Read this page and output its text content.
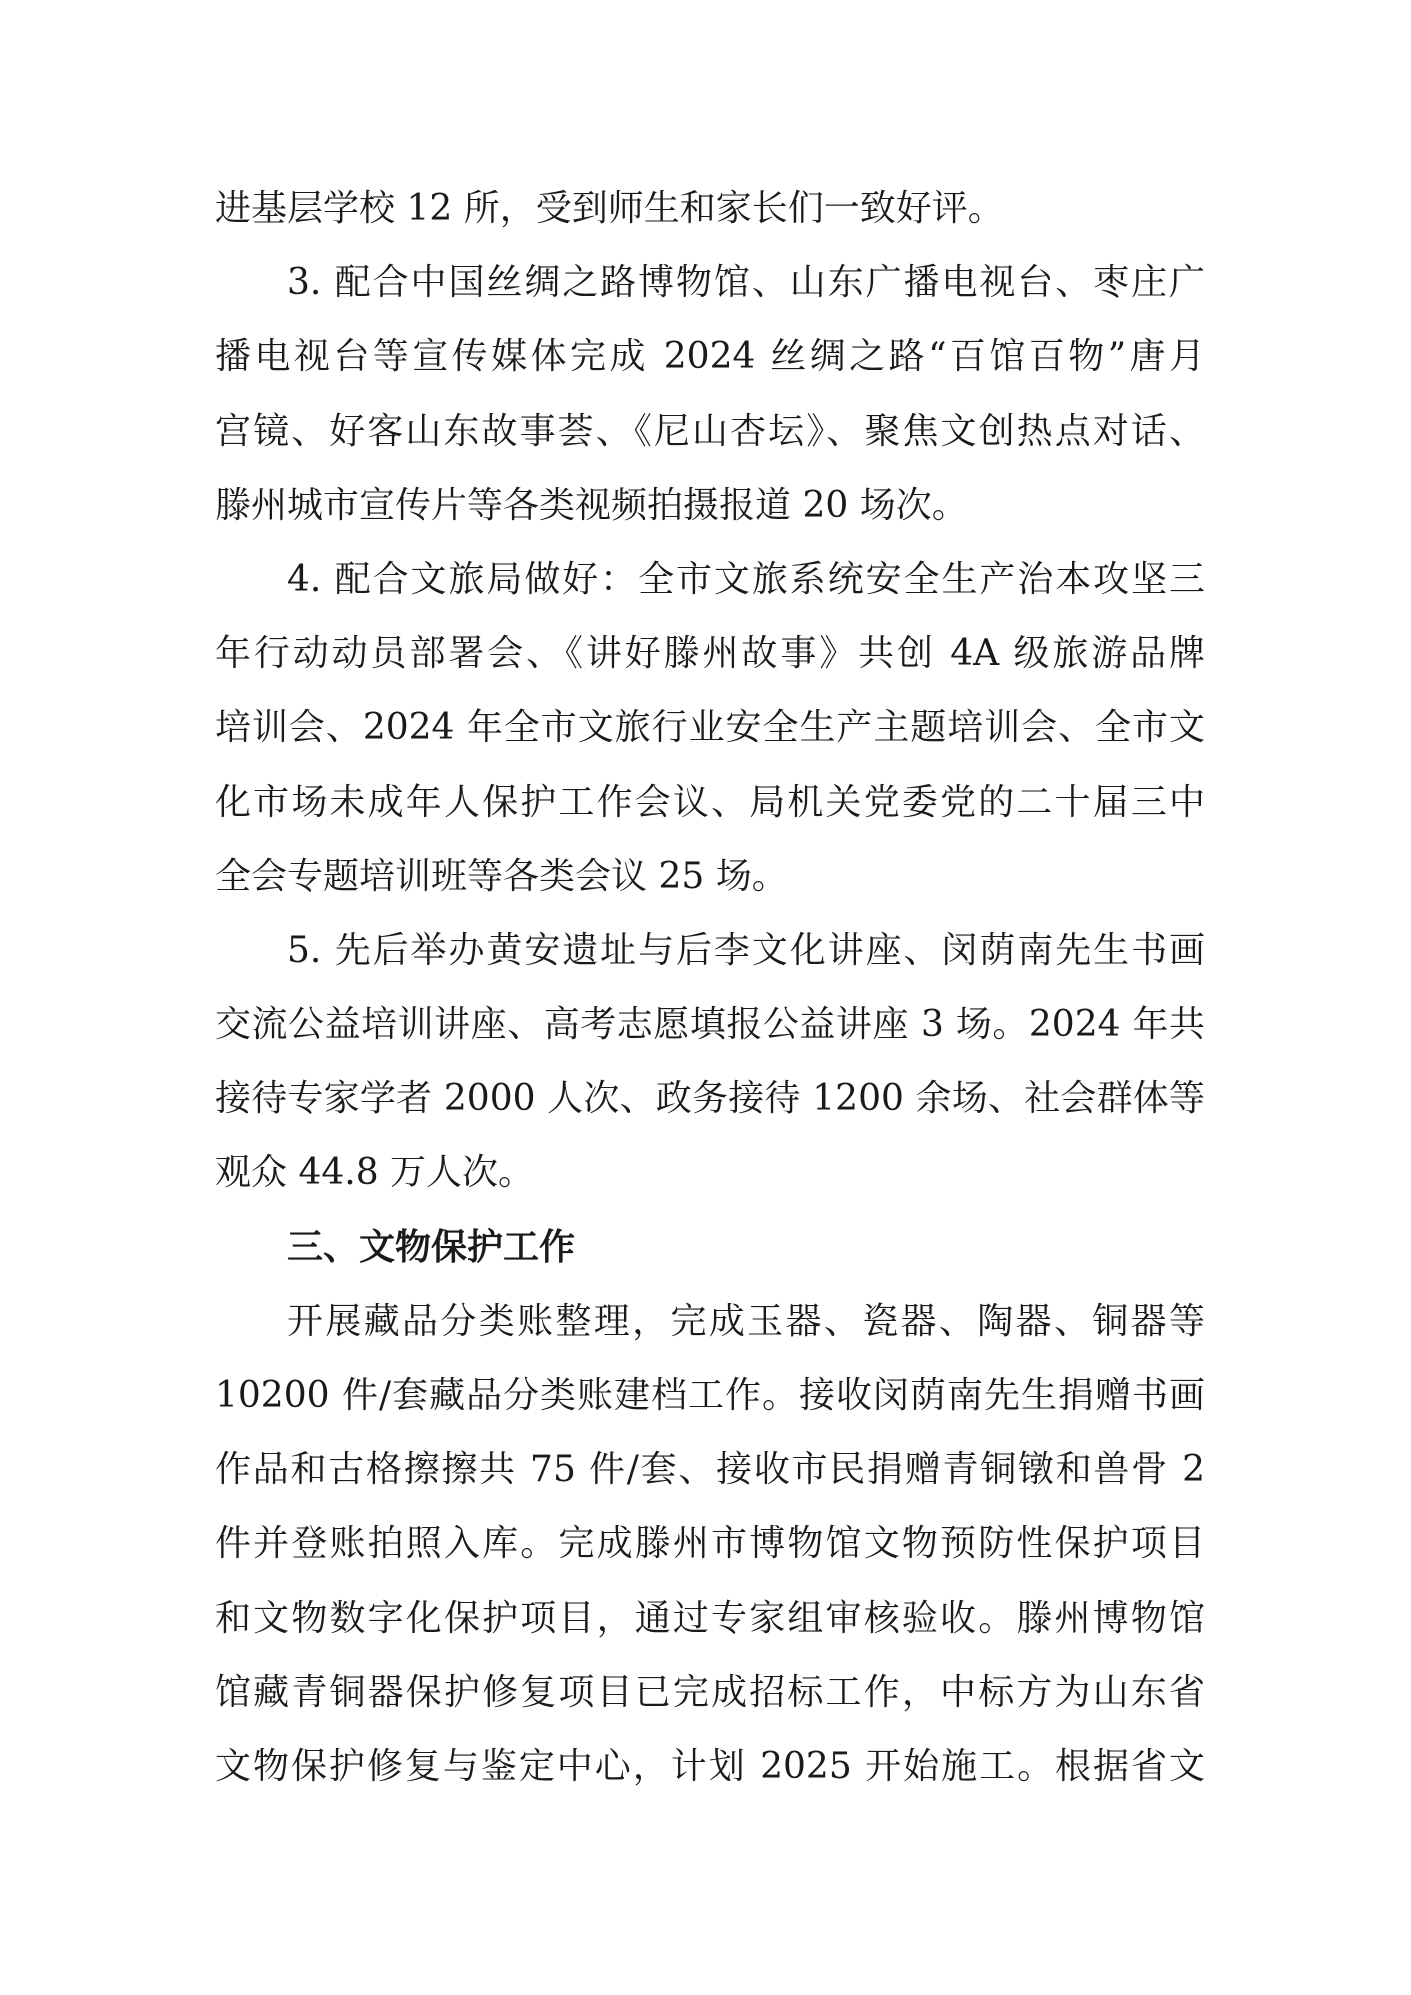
进基层学校 12 所，受到师生和家长们一致好评。
3. 配合中国丝绸之路博物馆、山东广播电视台、枣庄广
播电视台等宣传媒体完成 2024 丝绸之路“百馆百物”唐月
宫镜、好客山东故事荟、《尼山杏坛》、聚焦文创热点对话、
滕州城市宣传片等各类视频拍摄报道 20 场次。
4. 配合文旅局做好：全市文旅系统安全生产治本攻坚三
年行动动员部署会、《讲好滕州故事》共创 4A 级旅游品牌
培训会、2024 年全市文旅行业安全生产主题培训会、全市文
化市场未成年人保护工作会议、局机关党委党的二十届三中
全会专题培训班等各类会议 25 场。
5. 先后举办黄安遗址与后李文化讲座、闵荫南先生书画
交流公益培训讲座、高考志愿填报公益讲座 3 场。2024 年共
接待专家学者 2000 人次、政务接待 1200 余场、社会群体等
观众 44.8 万人次。
三、文物保护工作
开展藏品分类账整理，完成玉器、瓷器、陶器、铜器等
10200 件/套藏品分类账建档工作。接收闵荫南先生捐赠书画
作品和古格擦擦共 75 件/套、接收市民捐赠青铜镦和兽骨 2
件并登账拍照入库。完成滕州市博物馆文物预防性保护项目
和文物数字化保护项目，通过专家组审核验收。滕州博物馆
馆藏青铜器保护修复项目已完成招标工作，中标方为山东省
文物保护修复与鉴定中心，计划 2025 开始施工。根据省文
